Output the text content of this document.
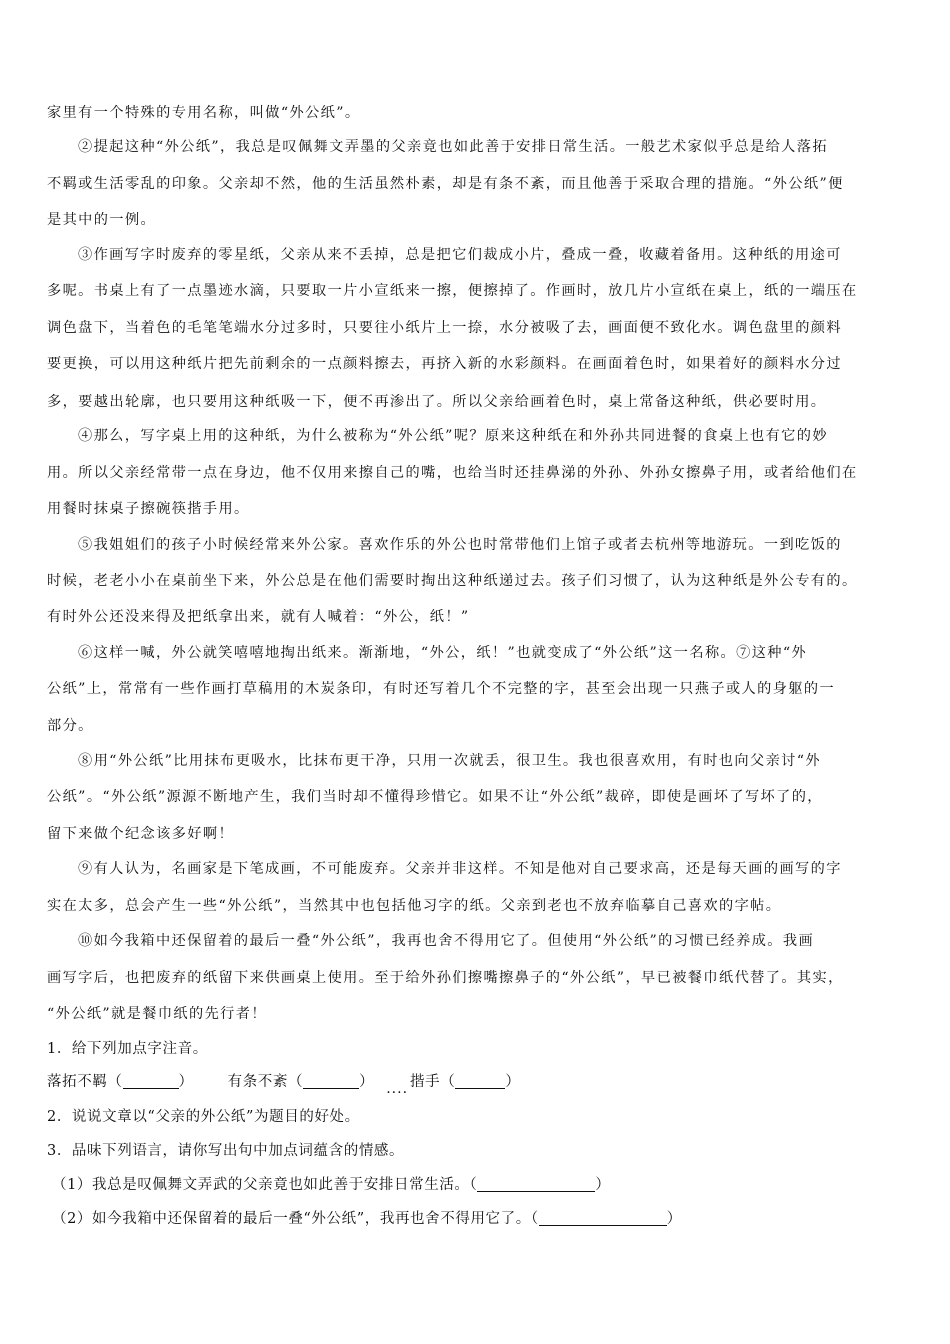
家里有一个特殊的专用名称，叫做“外公纸”。
②提起这种“外公纸”，我总是叹佩舞文弄墨的父亲竟也如此善于安排日常生活。一般艺术家似乎总是给人落拓
不羁或生活零乱的印象。父亲却不然，他的生活虽然朴素，却是有条不紊，而且他善于采取合理的措施。“外公纸”便
是其中的一例。
③作画写字时废弃的零星纸，父亲从来不丢掉，总是把它们裁成小片，叠成一叠，收藏着备用。这种纸的用途可
多呢。书桌上有了一点墨迹水滴，只要取一片小宣纸来一擦，便擦掉了。作画时，放几片小宣纸在桌上，纸的一端压在
调色盘下，当着色的毛笔笔端水分过多时，只要往小纸片上一捺，水分被吸了去，画面便不致化水。调色盘里的颜料
要更换，可以用这种纸片把先前剩余的一点颜料擦去，再挤入新的水彩颜料。在画面着色时，如果着好的颜料水分过
多，要越出轮廓，也只要用这种纸吸一下，便不再渗出了。所以父亲给画着色时，桌上常备这种纸，供必要时用。
④那么，写字桌上用的这种纸，为什么被称为“外公纸”呢？原来这种纸在和外孙共同进餐的食桌上也有它的妙
用。所以父亲经常带一点在身边，他不仅用来擦自己的嘴，也给当时还挂鼻涕的外孙、外孙女擦鼻子用，或者给他们在
用餐时抹桌子擦碗筷揩手用。
⑤我姐姐们的孩子小时候经常来外公家。喜欢作乐的外公也时常带他们上馆子或者去杭州等地游玩。一到吃饭的
时候，老老小小在桌前坐下来，外公总是在他们需要时掏出这种纸递过去。孩子们习惯了，认为这种纸是外公专有的。
有时外公还没来得及把纸拿出来，就有人喊着：“外公，纸！”
⑥这样一喊，外公就笑嘻嘻地掏出纸来。渐渐地，“外公，纸！”也就变成了“外公纸”这一名称。⑦这种“外
公纸”上，常常有一些作画打草稿用的木炭条印，有时还写着几个不完整的字，甚至会出现一只燕子或人的身躯的一
部分。
⑧用“外公纸”比用抹布更吸水，比抹布更干净，只用一次就丢，很卫生。我也很喜欢用，有时也向父亲讨“外
公纸”。“外公纸”源源不断地产生，我们当时却不懂得珍惜它。如果不让“外公纸”裁碎，即使是画坏了写坏了的，
留下来做个纪念该多好啊！
⑨有人认为，名画家是下笔成画，不可能废弃。父亲并非这样。不知是他对自己要求高，还是每天画的画写的字
实在太多，总会产生一些“外公纸”，当然其中也包括他习字的纸。父亲到老也不放弃临摹自己喜欢的字帖。
⑩如今我箱中还保留着的最后一叠“外公纸”，我再也舍不得用它了。但使用“外公纸”的习惯已经养成。我画
画写字后，也把废弃的纸留下来供画桌上使用。至于给外孙们擦嘴擦鼻子的“外公纸”，早已被餐巾纸代替了。其实，
“外公纸”就是餐巾纸的先行者！
1．给下列加点字注音。
落拓不羁（	） 有条不紊（	） .... 揩手（	）
2．说说文章以“父亲的外公纸”为题目的好处。
3．品味下列语言，请你写出句中加点词蕴含的情感。
（1）我总是叹佩舞文弄武的父亲竟也如此善于安排日常生活。（	）
（2）如今我箱中还保留着的最后一叠“外公纸”，我再也舍不得用它了。（	）
